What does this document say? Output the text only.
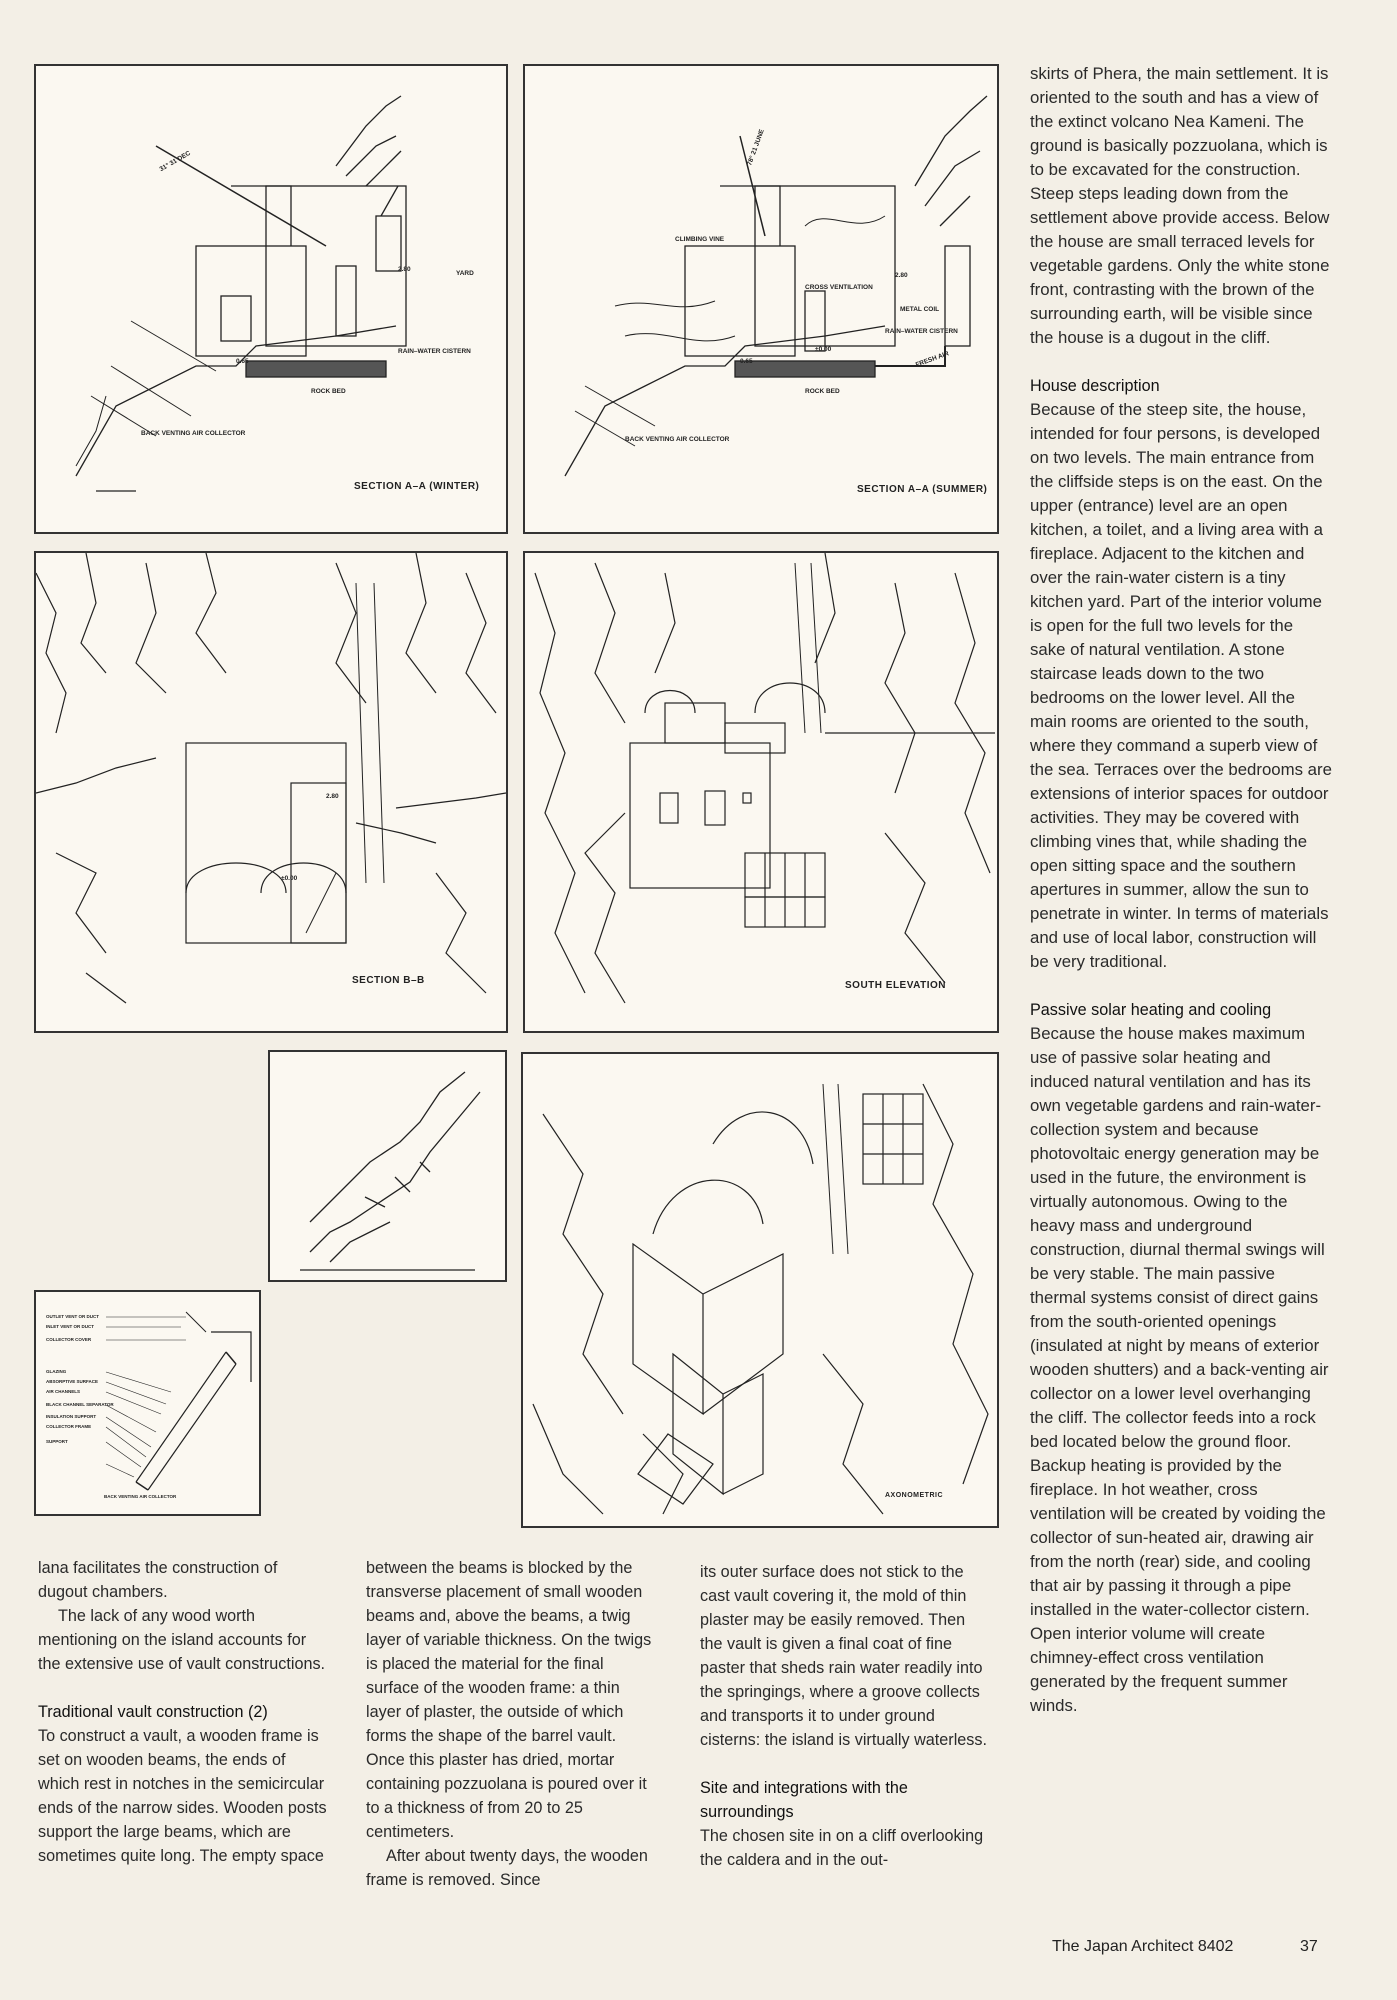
31° 31 DEC
YARD
RAIN–WATER CISTERN
ROCK BED
BACK VENTING AIR COLLECTOR
2.80
0.65
SECTION A–A (WINTER)
78° 21 JUNE
CLIMBING VINE
CROSS VENTILATION
METAL COIL
RAIN–WATER CISTERN
FRESH AIR
ROCK BED
BACK VENTING AIR COLLECTOR
2.80
±0.00
0.65
SECTION A–A (SUMMER)
2.80
±0.00
SECTION B–B	SOUTH ELEVATION
OUTLET VENT OR DUCT
INLET VENT OR DUCT
COLLECTOR COVER
GLAZING
ABSORPTIVE SURFACE
AIR CHANNELS
BLACK CHANNEL SEPARATOR
INSULATION SUPPORT
COLLECTOR FRAME
SUPPORT
BACK VENTING AIR COLLECTOR	AXONOMETRIC

lana facilitates the construction of dugout chambers.

The lack of any wood worth mentioning on the island accounts for the extensive use of vault constructions.

Traditional vault construction (2)

To construct a vault, a wooden frame is set on wooden beams, the ends of which rest in notches in the semicircular ends of the narrow sides. Wooden posts support the large beams, which are sometimes quite long. The empty space

between the beams is blocked by the transverse placement of small wooden beams and, above the beams, a twig layer of variable thickness. On the twigs is placed the material for the final surface of the wooden frame: a thin layer of plaster, the outside of which forms the shape of the barrel vault. Once this plaster has dried, mortar containing pozzuolana is poured over it to a thickness of from 20 to 25 centimeters.

After about twenty days, the wooden frame is removed. Since

its outer surface does not stick to the cast vault covering it, the mold of thin plaster may be easily removed. Then the vault is given a final coat of fine paster that sheds rain water readily into the springings, where a groove collects and transports it to under ground cisterns: the island is virtually waterless.

Site and integrations with the surroundings

The chosen site in on a cliff overlooking the caldera and in the out-

skirts of Phera, the main settlement. It is oriented to the south and has a view of the extinct volcano Nea Kameni. The ground is basically pozzuolana, which is to be excavated for the construction. Steep steps leading down from the settlement above provide access. Below the house are small terraced levels for vegetable gardens. Only the white stone front, contrasting with the brown of the surrounding earth, will be visible since the house is a dugout in the cliff.

House description

Because of the steep site, the house, intended for four persons, is developed on two levels. The main entrance from the cliffside steps is on the east. On the upper (entrance) level are an open kitchen, a toilet, and a living area with a fireplace. Adjacent to the kitchen and over the rain-water cistern is a tiny kitchen yard. Part of the interior volume is open for the full two levels for the sake of natural ventilation. A stone staircase leads down to the two bedrooms on the lower level. All the main rooms are oriented to the south, where they command a superb view of the sea. Terraces over the bedrooms are extensions of interior spaces for outdoor activities. They may be covered with climbing vines that, while shading the open sitting space and the southern apertures in summer, allow the sun to penetrate in winter. In terms of materials and use of local labor, construction will be very traditional.

Passive solar heating and cooling

Because the house makes maximum use of passive solar heating and induced natural ventilation and has its own vegetable gardens and rain-water-collection system and because photovoltaic energy generation may be used in the future, the environment is virtually autonomous. Owing to the heavy mass and underground construction, diurnal thermal swings will be very stable. The main passive thermal systems consist of direct gains from the south-oriented openings (insulated at night by means of exterior wooden shutters) and a back-venting air collector on a lower level overhanging the cliff. The collector feeds into a rock bed located below the ground floor. Backup heating is provided by the fireplace. In hot weather, cross ventilation will be created by voiding the collector of sun-heated air, drawing air from the north (rear) side, and cooling that air by passing it through a pipe installed in the water-collector cistern. Open interior volume will create chimney-effect cross ventilation generated by the frequent summer winds.

The Japan Architect 8402	37
